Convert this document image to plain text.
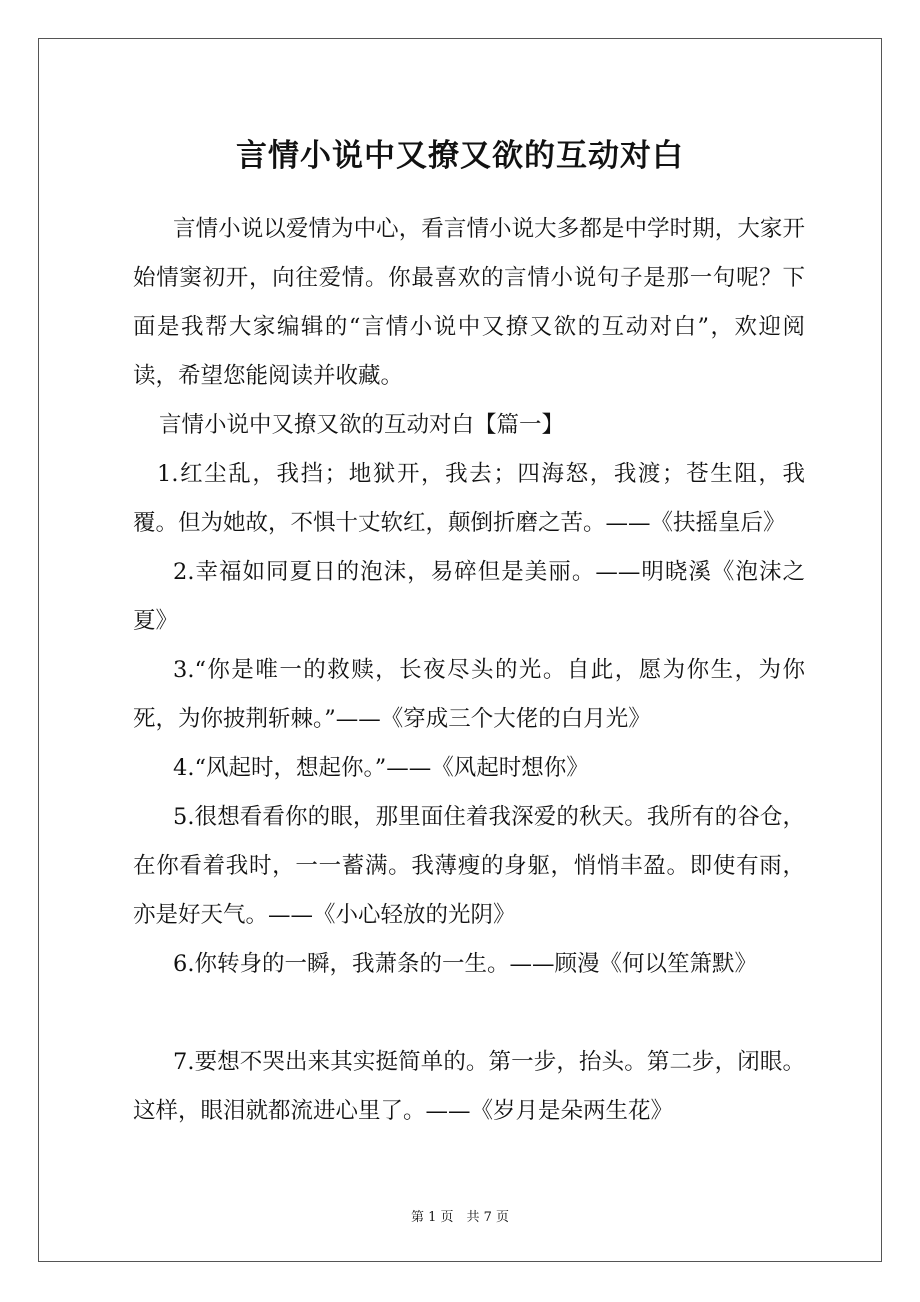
言情小说中又撩又欲的互动对白

言情小说以爱情为中心，看言情小说大多都是中学时期，大家开始情窦初开，向往爱情。你最喜欢的言情小说句子是那一句呢？下面是我帮大家编辑的“言情小说中又撩又欲的互动对白”，欢迎阅读，希望您能阅读并收藏。

言情小说中又撩又欲的互动对白【篇一】

1.红尘乱，我挡；地狱开，我去；四海怒，我渡；苍生阻，我覆。但为她故，不惧十丈软红，颠倒折磨之苦。——《扶摇皇后》

2.幸福如同夏日的泡沫，易碎但是美丽。——明晓溪《泡沫之夏》

3.“你是唯一的救赎，长夜尽头的光。自此，愿为你生，为你死，为你披荆斩棘。”——《穿成三个大佬的白月光》

4.“风起时，想起你。”——《风起时想你》

5.很想看看你的眼，那里面住着我深爱的秋天。我所有的谷仓，在你看着我时，一一蓄满。我薄瘦的身躯，悄悄丰盈。即使有雨，亦是好天气。——《小心轻放的光阴》

6.你转身的一瞬，我萧条的一生。——顾漫《何以笙箫默》

7.要想不哭出来其实挺简单的。第一步，抬头。第二步，闭眼。这样，眼泪就都流进心里了。——《岁月是朵两生花》

第 1 页　共 7 页
